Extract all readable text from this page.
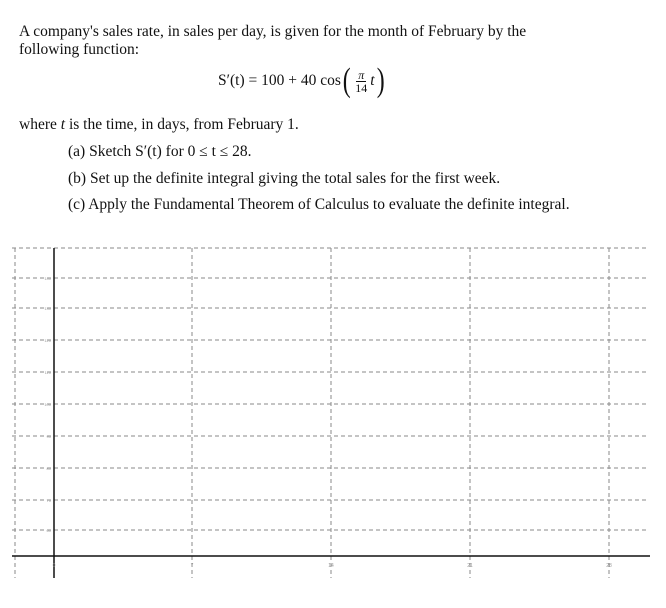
A company's sales rate, in sales per day, is given for the month of February by the
following function:
S′(t) = 100 + 40 cos ( $\frac{\pi}{14}$ t )
where t is the time, in days, from February 1.
(a) Sketch S′(t) for 0 ≤ t ≤ 28.
(b) Set up the definite integral giving the total sales for the first week.
(c) Apply the Fundamental Theorem of Calculus to evaluate the definite integral.
140
130
120
110
100
90
80
70
60
0	7	14	21	28
